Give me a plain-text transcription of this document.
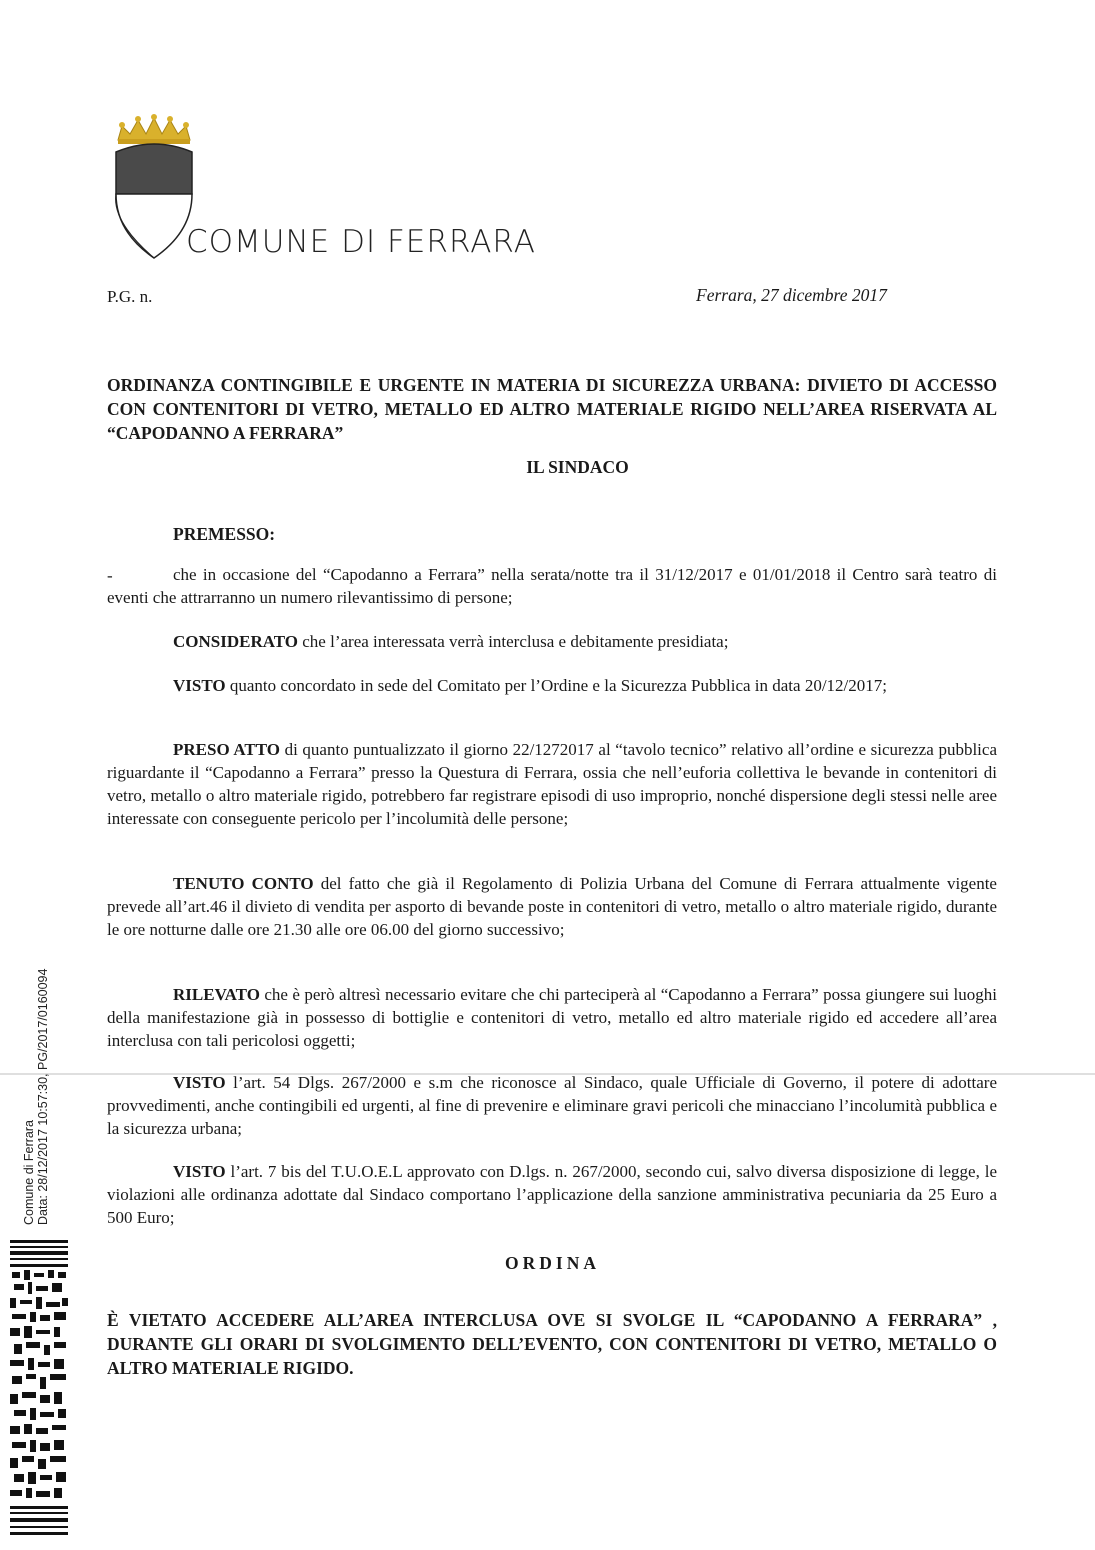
COMUNE DI FERRARA
P.G. n.	Ferrara, 27 dicembre 2017
ORDINANZA CONTINGIBILE E URGENTE IN MATERIA DI SICUREZZA URBANA: DIVIETO DI ACCESSO CON CONTENITORI DI VETRO, METALLO ED ALTRO MATERIALE RIGIDO NELL’AREA RISERVATA AL “CAPODANNO A FERRARA”
IL SINDACO
PREMESSO:
-	che in occasione del “Capodanno a Ferrara” nella serata/notte tra il 31/12/2017 e 01/01/2018 il Centro sarà teatro di eventi che attrarranno un numero rilevantissimo di persone;
CONSIDERATO che l’area interessata verrà interclusa e debitamente presidiata;
VISTO quanto concordato in sede del Comitato per l’Ordine e la Sicurezza Pubblica in data 20/12/2017;
PRESO ATTO di quanto puntualizzato il giorno 22/1272017 al “tavolo tecnico” relativo all’ordine e sicurezza pubblica riguardante il “Capodanno a Ferrara” presso la Questura di Ferrara, ossia che nell’euforia collettiva le bevande in contenitori di vetro, metallo o altro materiale rigido, potrebbero far registrare episodi di uso improprio, nonché dispersione degli stessi nelle aree interessate con conseguente pericolo per l’incolumità delle persone;
TENUTO CONTO del fatto che già il Regolamento di Polizia Urbana del Comune di Ferrara attualmente vigente prevede all’art.46 il divieto di vendita per asporto di bevande poste in contenitori di vetro, metallo o altro materiale rigido, durante le ore notturne dalle ore 21.30 alle ore 06.00 del giorno successivo;
RILEVATO che è però altresì necessario evitare che chi parteciperà al “Capodanno a Ferrara” possa giungere sui luoghi della manifestazione già in possesso di bottiglie e contenitori di vetro, metallo ed altro materiale rigido ed accedere all’area interclusa con tali pericolosi oggetti;
VISTO l’art. 54 Dlgs. 267/2000 e s.m che riconosce al Sindaco, quale Ufficiale di Governo, il potere di adottare provvedimenti, anche contingibili ed urgenti, al fine di prevenire e eliminare gravi pericoli che minacciano l’incolumità pubblica e la sicurezza urbana;
VISTO l’art. 7 bis del T.U.O.E.L approvato con D.lgs. n. 267/2000, secondo cui, salvo diversa disposizione di legge, le violazioni alle ordinanza adottate dal Sindaco comportano l’applicazione della sanzione amministrativa pecuniaria da 25 Euro a 500 Euro;
ORDINA
È VIETATO ACCEDERE ALL’AREA INTERCLUSA OVE SI SVOLGE IL “CAPODANNO A FERRARA” , DURANTE GLI ORARI DI SVOLGIMENTO DELL’EVENTO, CON CONTENITORI DI VETRO, METALLO O ALTRO MATERIALE RIGIDO.
Comune di Ferrara Data: 28/12/2017 10:57:30, PG/2017/0160094
